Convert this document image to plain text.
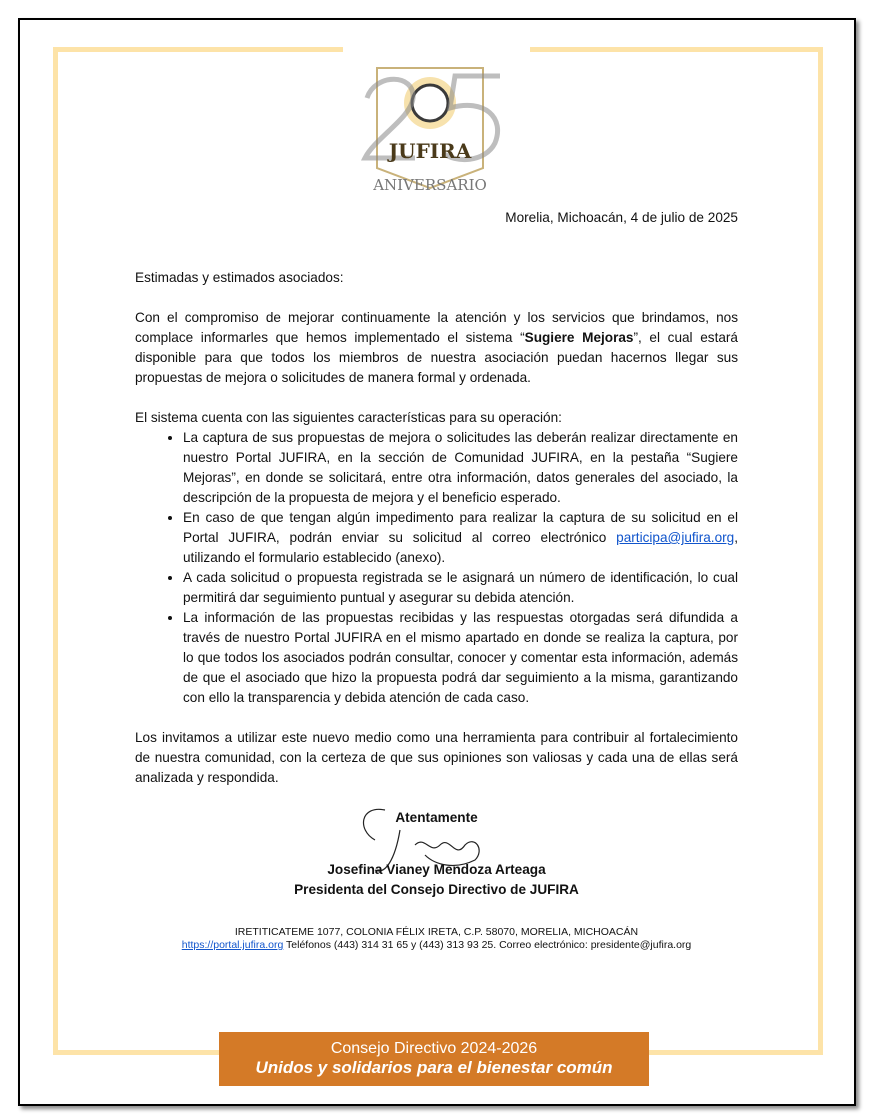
JUFIRA
ANIVERSARIO
Morelia, Michoacán, 4 de julio de 2025
Estimadas y estimados asociados:

Con el compromiso de mejorar continuamente la atención y los servicios que brindamos, nos complace informarles que hemos implementado el sistema “Sugiere Mejoras”, el cual estará disponible para que todos los miembros de nuestra asociación puedan hacernos llegar sus propuestas de mejora o solicitudes de manera formal y ordenada.

El sistema cuenta con las siguientes características para su operación:

• La captura de sus propuestas de mejora o solicitudes las deberán realizar directamente en nuestro Portal JUFIRA, en la sección de Comunidad JUFIRA, en la pestaña “Sugiere Mejoras”, en donde se solicitará, entre otra información, datos generales del asociado, la descripción de la propuesta de mejora y el beneficio esperado.
• En caso de que tengan algún impedimento para realizar la captura de su solicitud en el Portal JUFIRA, podrán enviar su solicitud al correo electrónico participa@jufira.org, utilizando el formulario establecido (anexo).
• A cada solicitud o propuesta registrada se le asignará un número de identificación, lo cual permitirá dar seguimiento puntual y asegurar su debida atención.
• La información de las propuestas recibidas y las respuestas otorgadas será difundida a través de nuestro Portal JUFIRA en el mismo apartado en donde se realiza la captura, por lo que todos los asociados podrán consultar, conocer y comentar esta información, además de que el asociado que hizo la propuesta podrá dar seguimiento a la misma, garantizando con ello la transparencia y debida atención de cada caso.
Los invitamos a utilizar este nuevo medio como una herramienta para contribuir al fortalecimiento de nuestra comunidad, con la certeza de que sus opiniones son valiosas y cada una de ellas será analizada y respondida.
Atentamente
Josefina Vianey Mendoza Arteaga
Presidenta del Consejo Directivo de JUFIRA
IRETITICATEME 1077, COLONIA FÉLIX IRETA, C.P. 58070, MORELIA, MICHOACÁN
https://portal.jufira.org Teléfonos (443) 314 31 65 y (443) 313 93 25. Correo electrónico: presidente@jufira.org
Consejo Directivo 2024-2026
Unidos y solidarios para el bienestar común
